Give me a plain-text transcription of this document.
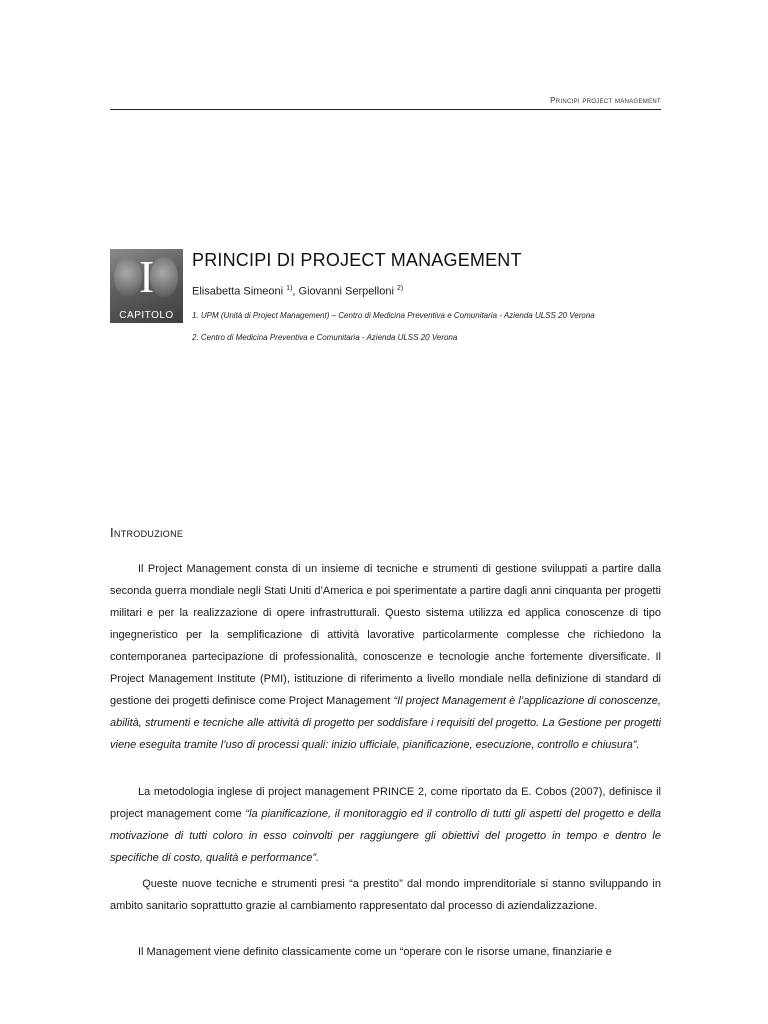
Principi project management
I
CAPITOLO
PRINCIPI DI PROJECT MANAGEMENT
Elisabetta Simeoni $^{1)}$, Giovanni Serpelloni $^{2)}$
1. UPM (Unità di Project Management) – Centro di Medicina Preventiva e Comunitaria - Azienda ULSS 20 Verona
2. Centro di Medicina Preventiva e Comunitaria - Azienda ULSS 20 Verona
Introduzione

Il Project Management consta di un insieme di tecniche e strumenti di gestione sviluppati a partire dalla seconda guerra mondiale negli Stati Uniti d’America e poi sperimentate a partire dagli anni cinquanta per progetti militari e per la realizzazione di opere infrastrutturali. Questo sistema utilizza ed applica conoscenze di tipo ingegneristico per la semplificazione di attività lavorative particolarmente complesse che richiedono la contemporanea partecipazione di professionalità, conoscenze e tecnologie anche fortemente diversificate. Il Project Management Institute (PMI), istituzione di riferimento a livello mondiale nella definizione di standard di gestione dei progetti definisce come Project Management “Il project Management è l’applicazione di conoscenze, abilità, strumenti e tecniche alle attività di progetto per soddisfare i requisiti del progetto. La Gestione per progetti viene eseguita tramite l’uso di processi quali: inizio ufficiale, pianificazione, esecuzione, controllo e chiusura”.

La metodologia inglese di project management PRINCE 2, come riportato da E. Cobos (2007), definisce il project management come “la pianificazione, il monitoraggio ed il controllo di tutti gli aspetti del progetto e della motivazione di tutti coloro in esso coinvolti per raggiungere gli obiettivi del progetto in tempo e dentro le specifiche di costo, qualità e performance”.

Queste nuove tecniche e strumenti presi “a prestito” dal mondo imprenditoriale si stanno sviluppando in ambito sanitario soprattutto grazie al cambiamento rappresentato dal processo di aziendalizzazione.

Il Management viene definito classicamente come un “operare con le risorse umane, finanziarie e
